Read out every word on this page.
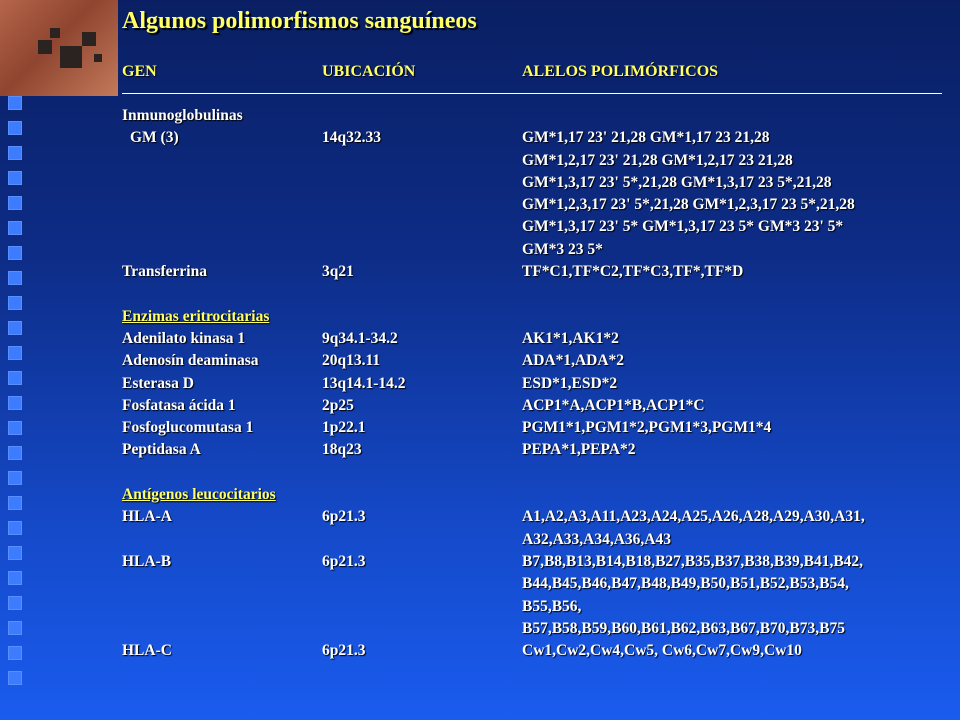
Algunos polimorfismos sanguíneos
GEN	UBICACIÓN	ALELOS POLIMÓRFICOS
Inmunoglobulinas
GM (3)	14q32.33	GM*1,17 23' 21,28 GM*1,17 23 21,28
GM*1,2,17 23' 21,28 GM*1,2,17 23 21,28
GM*1,3,17 23' 5*,21,28 GM*1,3,17 23 5*,21,28
GM*1,2,3,17 23' 5*,21,28 GM*1,2,3,17 23 5*,21,28
GM*1,3,17 23' 5* GM*1,3,17 23 5* GM*3 23' 5*
GM*3 23 5*
Transferrina	3q21	TF*C1,TF*C2,TF*C3,TF*,TF*D
Enzimas eritrocitarias
Adenilato kinasa 1	9q34.1-34.2	AK1*1,AK1*2
Adenosín deaminasa	20q13.11	ADA*1,ADA*2
Esterasa D	13q14.1-14.2	ESD*1,ESD*2
Fosfatasa ácida 1	2p25	ACP1*A,ACP1*B,ACP1*C
Fosfoglucomutasa 1	1p22.1	PGM1*1,PGM1*2,PGM1*3,PGM1*4
Peptidasa A	18q23	PEPA*1,PEPA*2
Antígenos leucocitarios
HLA-A	6p21.3	A1,A2,A3,A11,A23,A24,A25,A26,A28,A29,A30,A31,
A32,A33,A34,A36,A43
HLA-B	6p21.3	B7,B8,B13,B14,B18,B27,B35,B37,B38,B39,B41,B42,
B44,B45,B46,B47,B48,B49,B50,B51,B52,B53,B54,
B55,B56,
B57,B58,B59,B60,B61,B62,B63,B67,B70,B73,B75
HLA-C	6p21.3	Cw1,Cw2,Cw4,Cw5, Cw6,Cw7,Cw9,Cw10
